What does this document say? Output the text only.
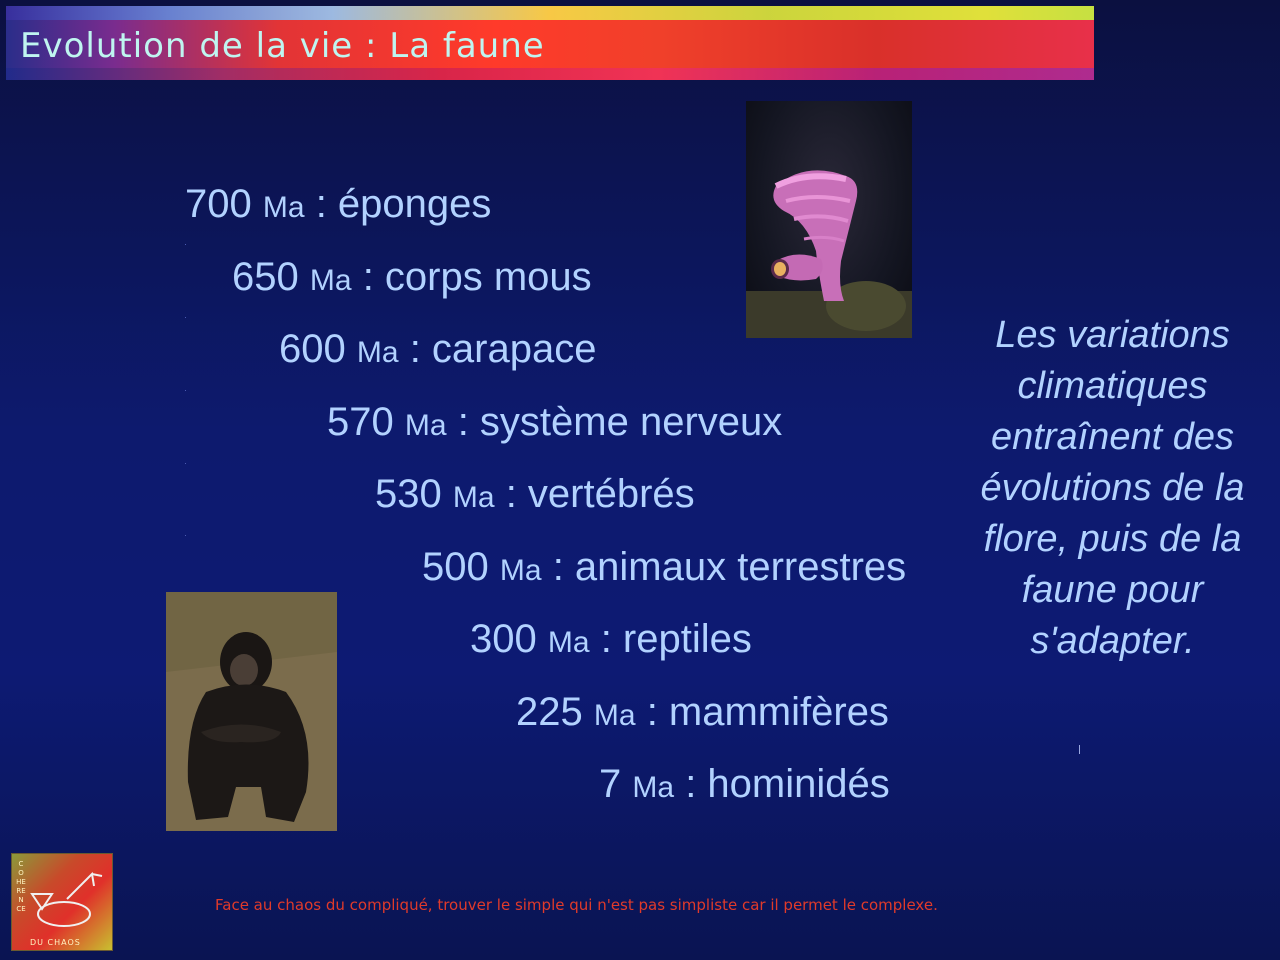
Evolution de la vie : La faune
700 Ma : éponges
650 Ma : corps mous
600 Ma : carapace
570 Ma : système nerveux
530 Ma : vertébrés
500 Ma : animaux terrestres
300 Ma : reptiles
225 Ma : mammifères
7 Ma : hominidés
Les variations climatiques entraînent des évolutions de la flore, puis de la faune pour s'adapter.
COHERENCE
DU CHAOS
Face au chaos du compliqué, trouver le simple qui n'est pas simpliste car il permet le complexe.
